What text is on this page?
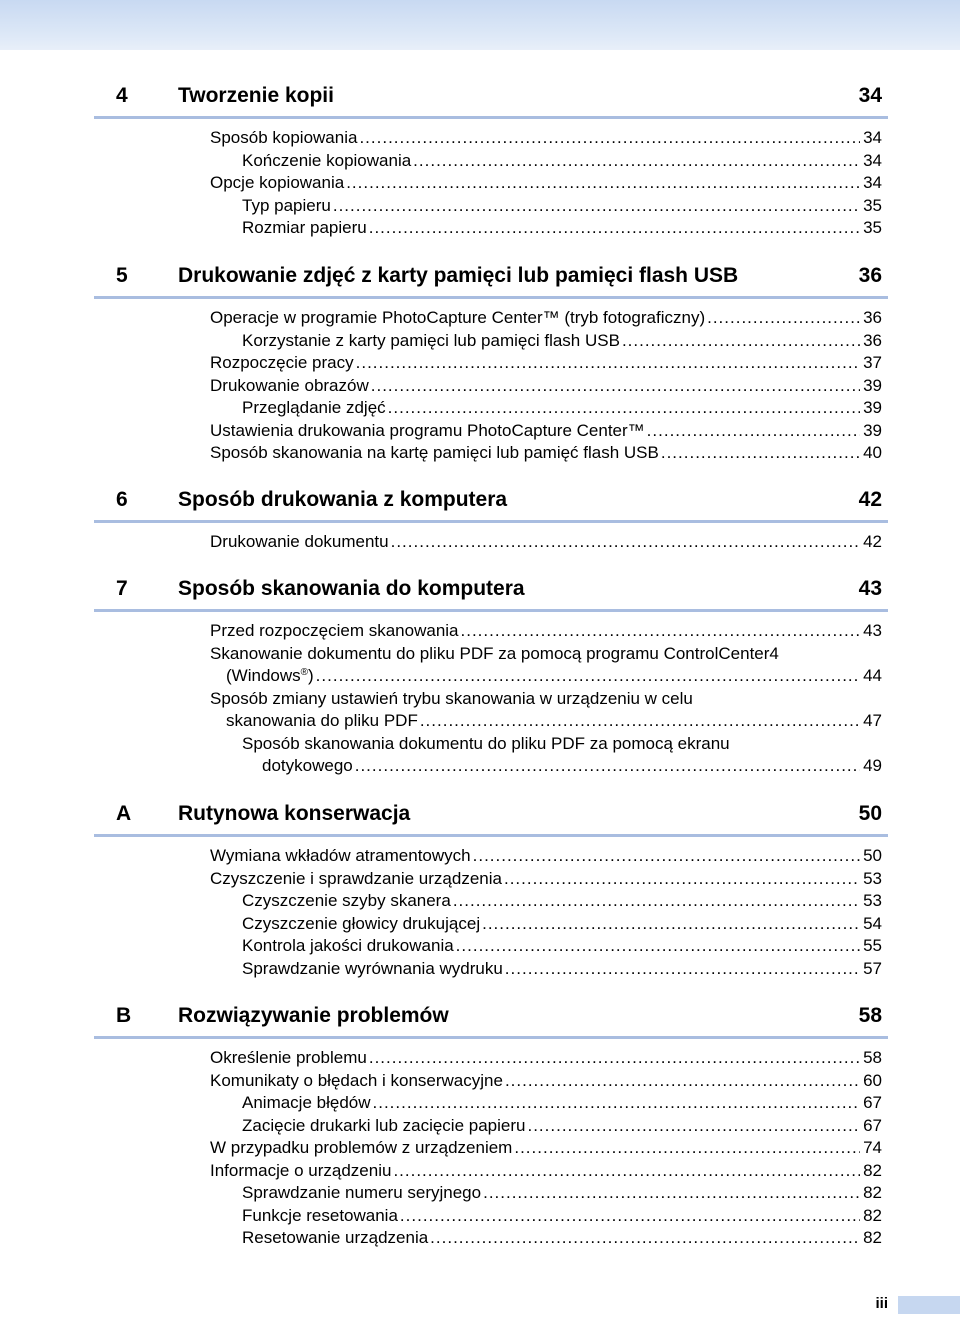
4 Tworzenie kopii	34
Sposób kopiowania .....	34
Kończenie kopiowania .....	34
Opcje kopiowania .....	34
Typ papieru .....	35
Rozmiar papieru .....	35
5 Drukowanie zdjęć z karty pamięci lub pamięci flash USB	36
Operacje w programie PhotoCapture Center™ (tryb fotograficzny) .....	36
Korzystanie z karty pamięci lub pamięci flash USB .....	36
Rozpoczęcie pracy .....	37
Drukowanie obrazów .....	39
Przeglądanie zdjęć .....	39
Ustawienia drukowania programu PhotoCapture Center™ .....	39
Sposób skanowania na kartę pamięci lub pamięć flash USB .....	40
6 Sposób drukowania z komputera	42
Drukowanie dokumentu .....	42
7 Sposób skanowania do komputera	43
Przed rozpoczęciem skanowania .....	43
Skanowanie dokumentu do pliku PDF za pomocą programu ControlCenter4
(Windows®) .....	44
Sposób zmiany ustawień trybu skanowania w urządzeniu w celu
skanowania do pliku PDF .....	47
Sposób skanowania dokumentu do pliku PDF za pomocą ekranu
dotykowego .....	49
A Rutynowa konserwacja	50
Wymiana wkładów atramentowych .....	50
Czyszczenie i sprawdzanie urządzenia .....	53
Czyszczenie szyby skanera .....	53
Czyszczenie głowicy drukującej .....	54
Kontrola jakości drukowania .....	55
Sprawdzanie wyrównania wydruku .....	57
B Rozwiązywanie problemów	58
Określenie problemu .....	58
Komunikaty o błędach i konserwacyjne .....	60
Animacje błędów .....	67
Zacięcie drukarki lub zacięcie papieru .....	67
W przypadku problemów z urządzeniem .....	74
Informacje o urządzeniu .....	82
Sprawdzanie numeru seryjnego .....	82
Funkcje resetowania .....	82
Resetowanie urządzenia .....	82
iii
